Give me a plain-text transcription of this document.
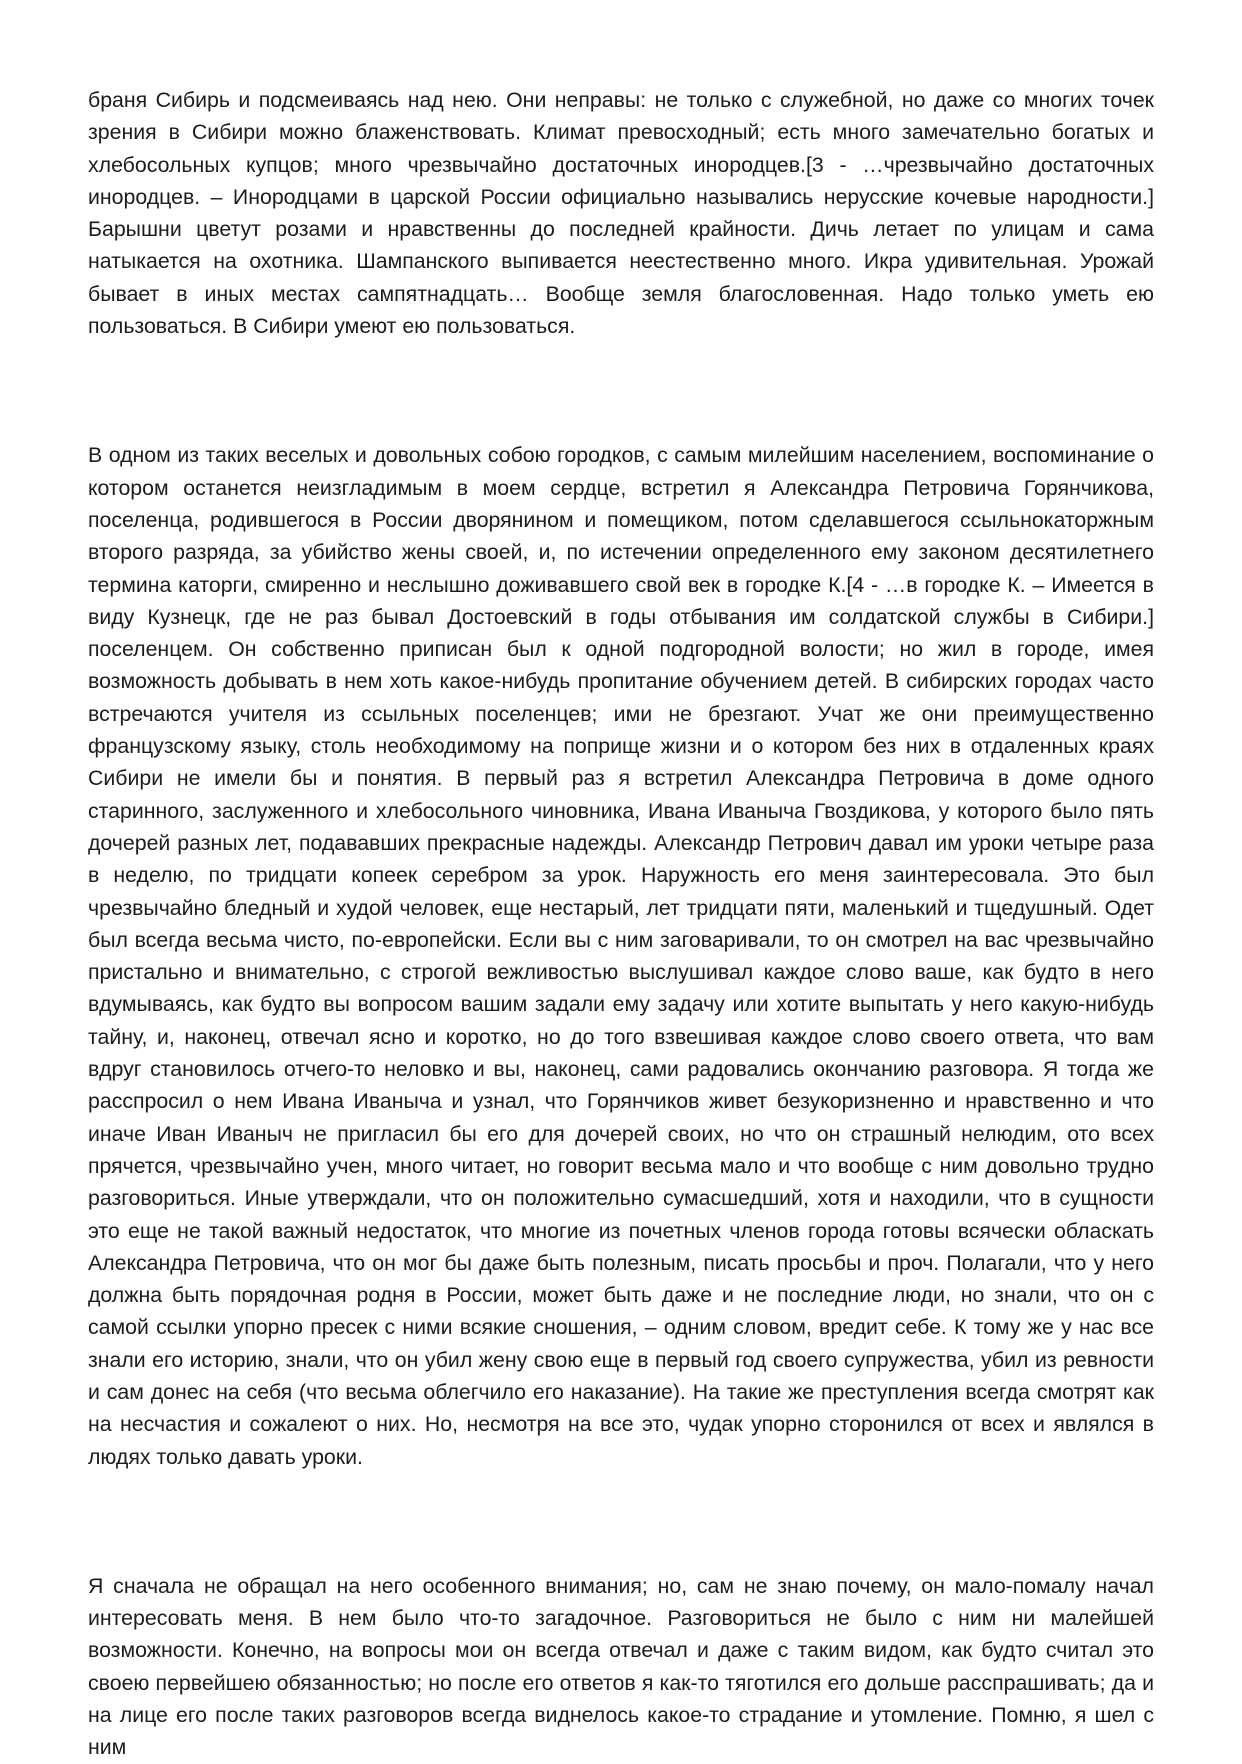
браня Сибирь и подсмеиваясь над нею. Они неправы: не только с служебной, но даже со многих точек зрения в Сибири можно блаженствовать. Климат превосходный; есть много замечательно богатых и хлебосольных купцов; много чрезвычайно достаточных инородцев.[3 - …чрезвычайно достаточных инородцев. – Инородцами в царской России официально назывались нерусские кочевые народности.] Барышни цветут розами и нравственны до последней крайности. Дичь летает по улицам и сама натыкается на охотника. Шампанского выпивается неестественно много. Икра удивительная. Урожай бывает в иных местах сампятнадцать… Вообще земля благословенная. Надо только уметь ею пользоваться. В Сибири умеют ею пользоваться.

В одном из таких веселых и довольных собою городков, с самым милейшим населением, воспоминание о котором останется неизгладимым в моем сердце, встретил я Александра Петровича Горянчикова, поселенца, родившегося в России дворянином и помещиком, потом сделавшегося ссыльнокаторжным второго разряда, за убийство жены своей, и, по истечении определенного ему законом десятилетнего термина каторги, смиренно и неслышно доживавшего свой век в городке К.[4 - …в городке К. – Имеется в виду Кузнецк, где не раз бывал Достоевский в годы отбывания им солдатской службы в Сибири.] поселенцем. Он собственно приписан был к одной подгородной волости; но жил в городе, имея возможность добывать в нем хоть какое-нибудь пропитание обучением детей. В сибирских городах часто встречаются учителя из ссыльных поселенцев; ими не брезгают. Учат же они преимущественно французскому языку, столь необходимому на поприще жизни и о котором без них в отдаленных краях Сибири не имели бы и понятия. В первый раз я встретил Александра Петровича в доме одного старинного, заслуженного и хлебосольного чиновника, Ивана Иваныча Гвоздикова, у которого было пять дочерей разных лет, подававших прекрасные надежды. Александр Петрович давал им уроки четыре раза в неделю, по тридцати копеек серебром за урок. Наружность его меня заинтересовала. Это был чрезвычайно бледный и худой человек, еще нестарый, лет тридцати пяти, маленький и тщедушный. Одет был всегда весьма чисто, по-европейски. Если вы с ним заговаривали, то он смотрел на вас чрезвычайно пристально и внимательно, с строгой вежливостью выслушивал каждое слово ваше, как будто в него вдумываясь, как будто вы вопросом вашим задали ему задачу или хотите выпытать у него какую-нибудь тайну, и, наконец, отвечал ясно и коротко, но до того взвешивая каждое слово своего ответа, что вам вдруг становилось отчего-то неловко и вы, наконец, сами радовались окончанию разговора. Я тогда же расспросил о нем Ивана Иваныча и узнал, что Горянчиков живет безукоризненно и нравственно и что иначе Иван Иваныч не пригласил бы его для дочерей своих, но что он страшный нелюдим, ото всех прячется, чрезвычайно учен, много читает, но говорит весьма мало и что вообще с ним довольно трудно разговориться. Иные утверждали, что он положительно сумасшедший, хотя и находили, что в сущности это еще не такой важный недостаток, что многие из почетных членов города готовы всячески обласкать Александра Петровича, что он мог бы даже быть полезным, писать просьбы и проч. Полагали, что у него должна быть порядочная родня в России, может быть даже и не последние люди, но знали, что он с самой ссылки упорно пресек с ними всякие сношения, – одним словом, вредит себе. К тому же у нас все знали его историю, знали, что он убил жену свою еще в первый год своего супружества, убил из ревности и сам донес на себя (что весьма облегчило его наказание). На такие же преступления всегда смотрят как на несчастия и сожалеют о них. Но, несмотря на все это, чудак упорно сторонился от всех и являлся в людях только давать уроки.

Я сначала не обращал на него особенного внимания; но, сам не знаю почему, он мало-помалу начал интересовать меня. В нем было что-то загадочное. Разговориться не было с ним ни малейшей возможности. Конечно, на вопросы мои он всегда отвечал и даже с таким видом, как будто считал это своею первейшею обязанностью; но после его ответов я как-то тяготился его дольше расспрашивать; да и на лице его после таких разговоров всегда виднелось какое-то страдание и утомление. Помню, я шел с ним
